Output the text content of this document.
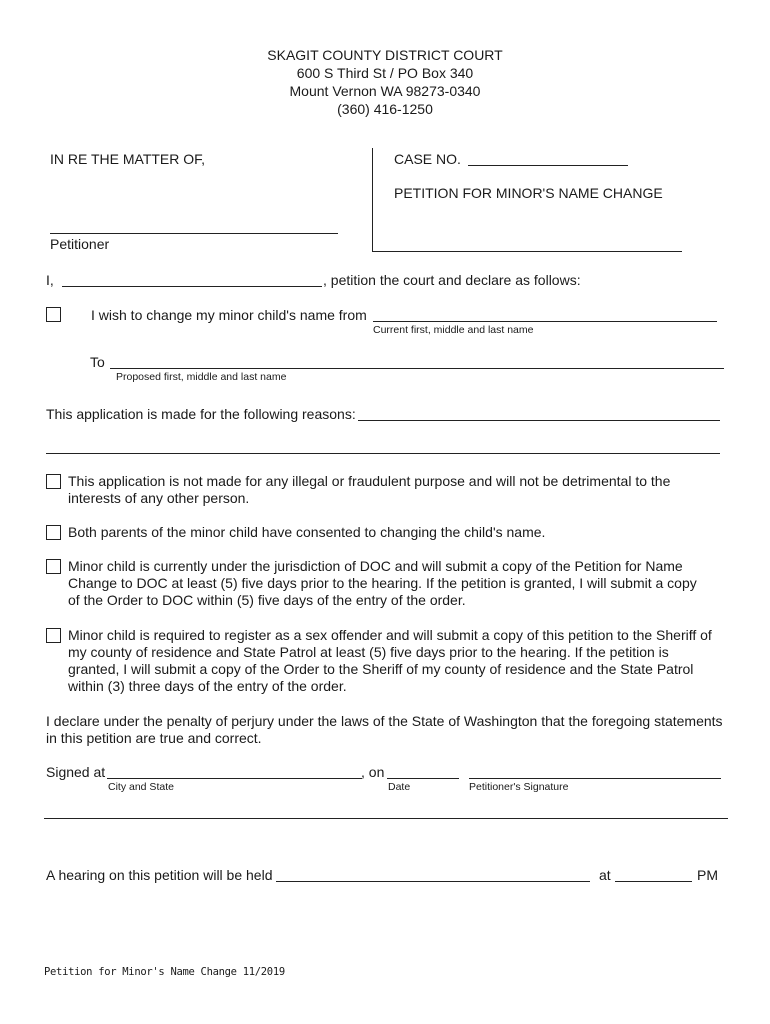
SKAGIT COUNTY DISTRICT COURT
600 S Third St / PO Box 340
Mount Vernon WA 98273-0340
(360) 416-1250
IN RE THE MATTER OF,	CASE NO.
PETITION FOR MINOR'S NAME CHANGE
Petitioner
I,	, petition the court and declare as follows:
I wish to change my minor child's name from
Current first, middle and last name
To
Proposed first, middle and last name
This application is made for the following reasons:
This application is not made for any illegal or fraudulent purpose and will not be detrimental to the
interests of any other person.
Both parents of the minor child have consented to changing the child's name.
Minor child is currently under the jurisdiction of DOC and will submit a copy of the Petition for Name
Change to DOC at least (5) five days prior to the hearing. If the petition is granted, I will submit a copy
of the Order to DOC within (5) five days of the entry of the order.
Minor child is required to register as a sex offender and will submit a copy of this petition to the Sheriff of
my county of residence and State Patrol at least (5) five days prior to the hearing. If the petition is
granted, I will submit a copy of the Order to the Sheriff of my county of residence and the State Patrol
within (3) three days of the entry of the order.
I declare under the penalty of perjury under the laws of the State of Washington that the foregoing statements
in this petition are true and correct.
Signed at	, on
City and State	Date	Petitioner's Signature
A hearing on this petition will be held	at	PM
Petition for Minor's Name Change 11/2019
